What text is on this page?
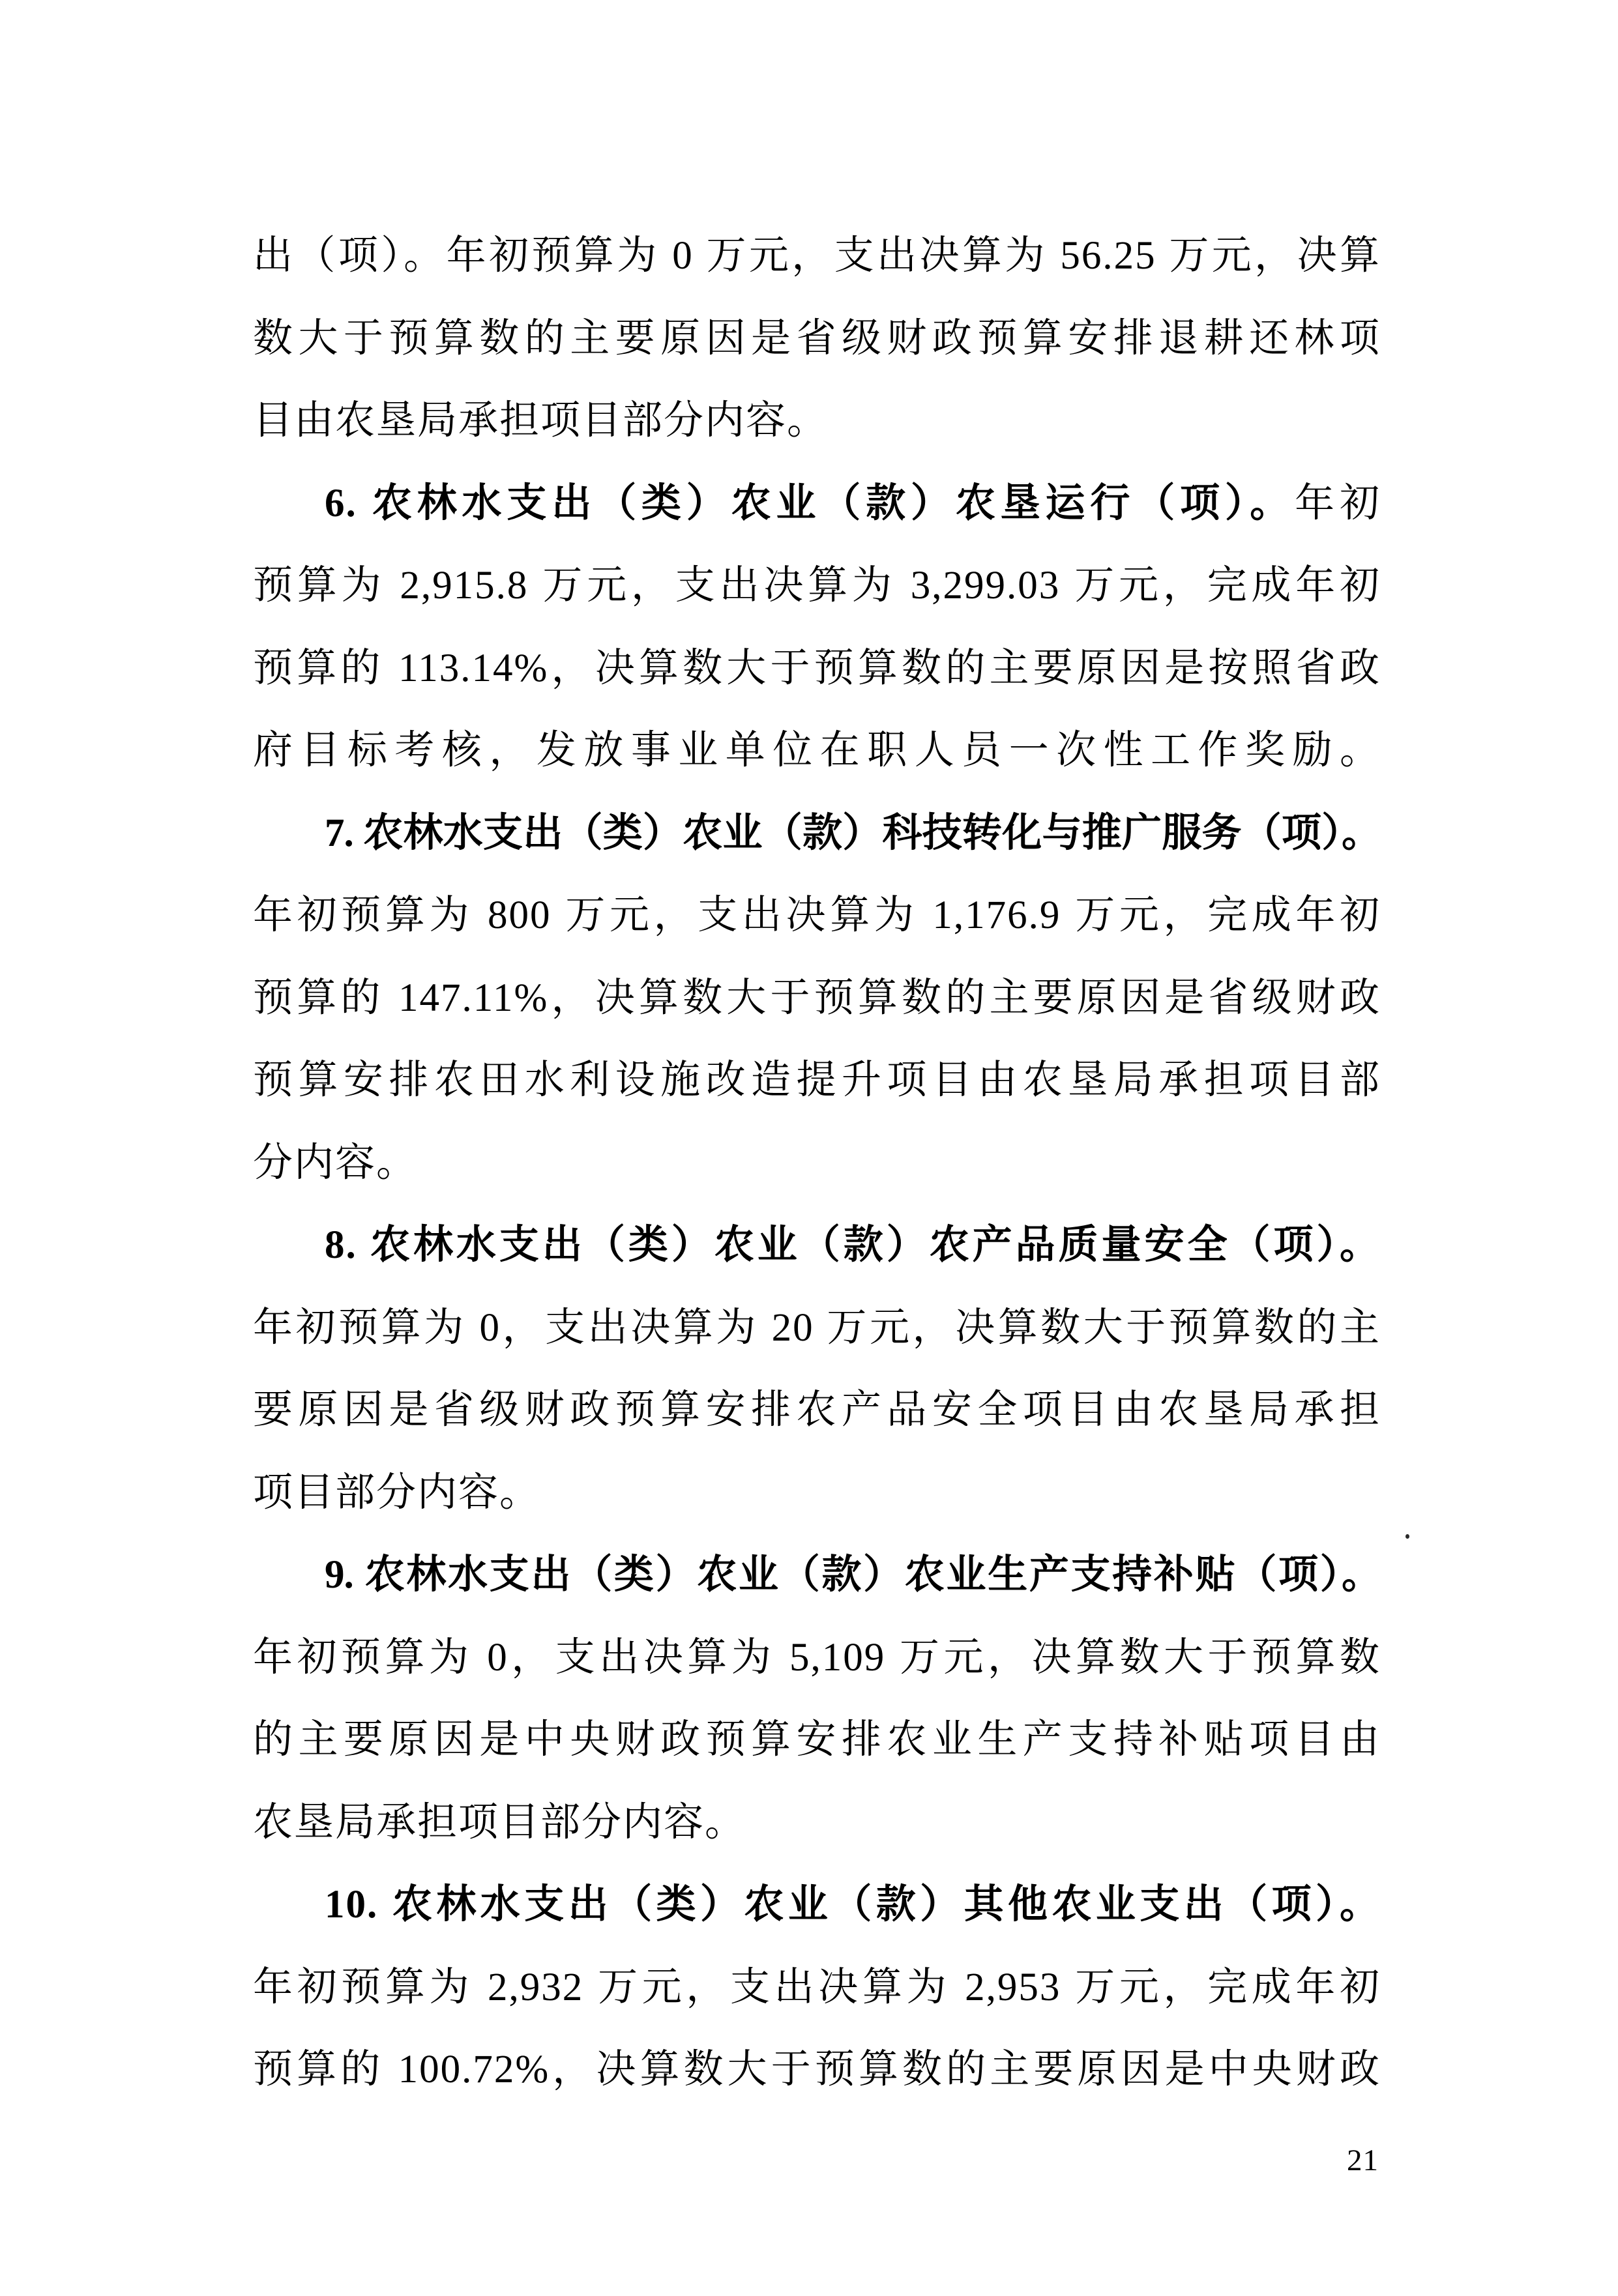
出（项）。年初预算为 0 万元，支出决算为 56.25 万元，决算
数大于预算数的主要原因是省级财政预算安排退耕还林项
目由农垦局承担项目部分内容。
6. 农林水支出（类）农业（款）农垦运行（项）。年初
预算为 2,915.8 万元，支出决算为 3,299.03 万元，完成年初
预算的 113.14%，决算数大于预算数的主要原因是按照省政
府目标考核，发放事业单位在职人员一次性工作奖励。
7. 农林水支出（类）农业（款）科技转化与推广服务（项）。
年初预算为 800 万元，支出决算为 1,176.9 万元，完成年初
预算的 147.11%，决算数大于预算数的主要原因是省级财政
预算安排农田水利设施改造提升项目由农垦局承担项目部
分内容。
8. 农林水支出（类）农业（款）农产品质量安全（项）。
年初预算为 0，支出决算为 20 万元，决算数大于预算数的主
要原因是省级财政预算安排农产品安全项目由农垦局承担
项目部分内容。
9. 农林水支出（类）农业（款）农业生产支持补贴（项）。
年初预算为 0，支出决算为 5,109 万元，决算数大于预算数
的主要原因是中央财政预算安排农业生产支持补贴项目由
农垦局承担项目部分内容。
10. 农林水支出（类）农业（款）其他农业支出（项）。
年初预算为 2,932 万元，支出决算为 2,953 万元，完成年初
预算的 100.72%，决算数大于预算数的主要原因是中央财政
21
